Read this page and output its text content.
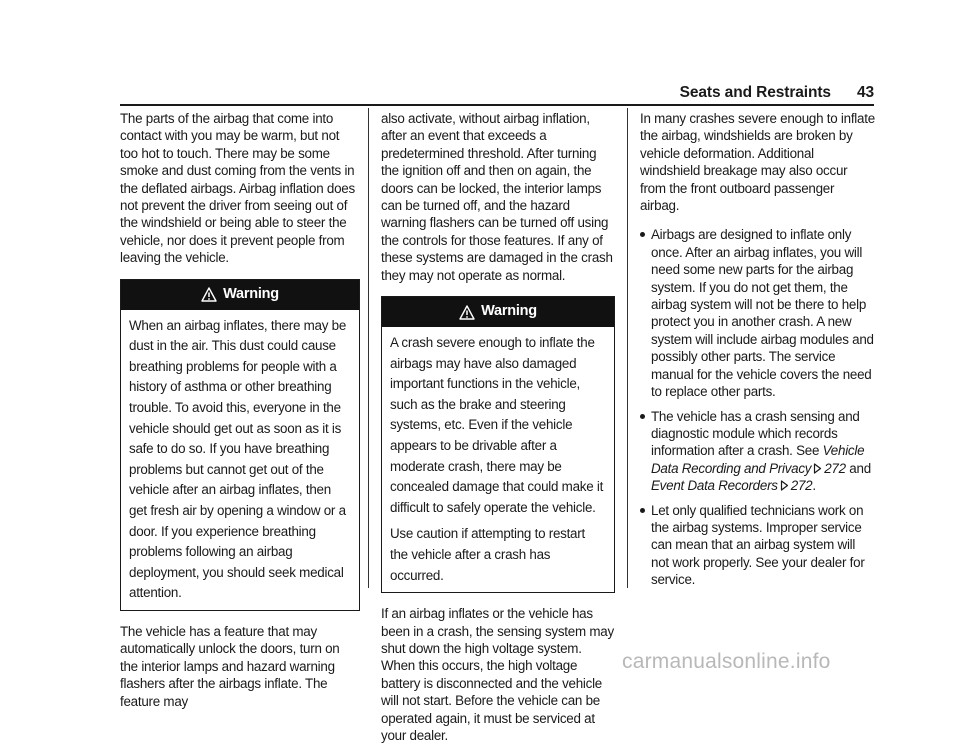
Seats and Restraints 43

The parts of the airbag that come into contact with you may be warm, but not too hot to touch. There may be some smoke and dust coming from the vents in the deflated airbags. Airbag inflation does not prevent the driver from seeing out of the windshield or being able to steer the vehicle, nor does it prevent people from leaving the vehicle.

Warning

When an airbag inflates, there may be dust in the air. This dust could cause breathing problems for people with a history of asthma or other breathing trouble. To avoid this, everyone in the vehicle should get out as soon as it is safe to do so. If you have breathing problems but cannot get out of the vehicle after an airbag inflates, then get fresh air by opening a window or a door. If you experience breathing problems following an airbag deployment, you should seek medical attention.

The vehicle has a feature that may automatically unlock the doors, turn on the interior lamps and hazard warning flashers after the airbags inflate. The feature may

also activate, without airbag inflation, after an event that exceeds a predetermined threshold. After turning the ignition off and then on again, the doors can be locked, the interior lamps can be turned off, and the hazard warning flashers can be turned off using the controls for those features. If any of these systems are damaged in the crash they may not operate as normal.

Warning

A crash severe enough to inflate the airbags may have also damaged important functions in the vehicle, such as the brake and steering systems, etc. Even if the vehicle appears to be drivable after a moderate crash, there may be concealed damage that could make it difficult to safely operate the vehicle.

Use caution if attempting to restart the vehicle after a crash has occurred.

If an airbag inflates or the vehicle has been in a crash, the sensing system may shut down the high voltage system. When this occurs, the high voltage battery is disconnected and the vehicle will not start. Before the vehicle can be operated again, it must be serviced at your dealer.

In many crashes severe enough to inflate the airbag, windshields are broken by vehicle deformation. Additional windshield breakage may also occur from the front outboard passenger airbag.

Airbags are designed to inflate only once. After an airbag inflates, you will need some new parts for the airbag system. If you do not get them, the airbag system will not be there to help protect you in another crash. A new system will include airbag modules and possibly other parts. The service manual for the vehicle covers the need to replace other parts.
The vehicle has a crash sensing and diagnostic module which records information after a crash. See Vehicle Data Recording and Privacy 272 and Event Data Recorders 272.
Let only qualified technicians work on the airbag systems. Improper service can mean that an airbag system will not work properly. See your dealer for service.
carmanualsonline.info
